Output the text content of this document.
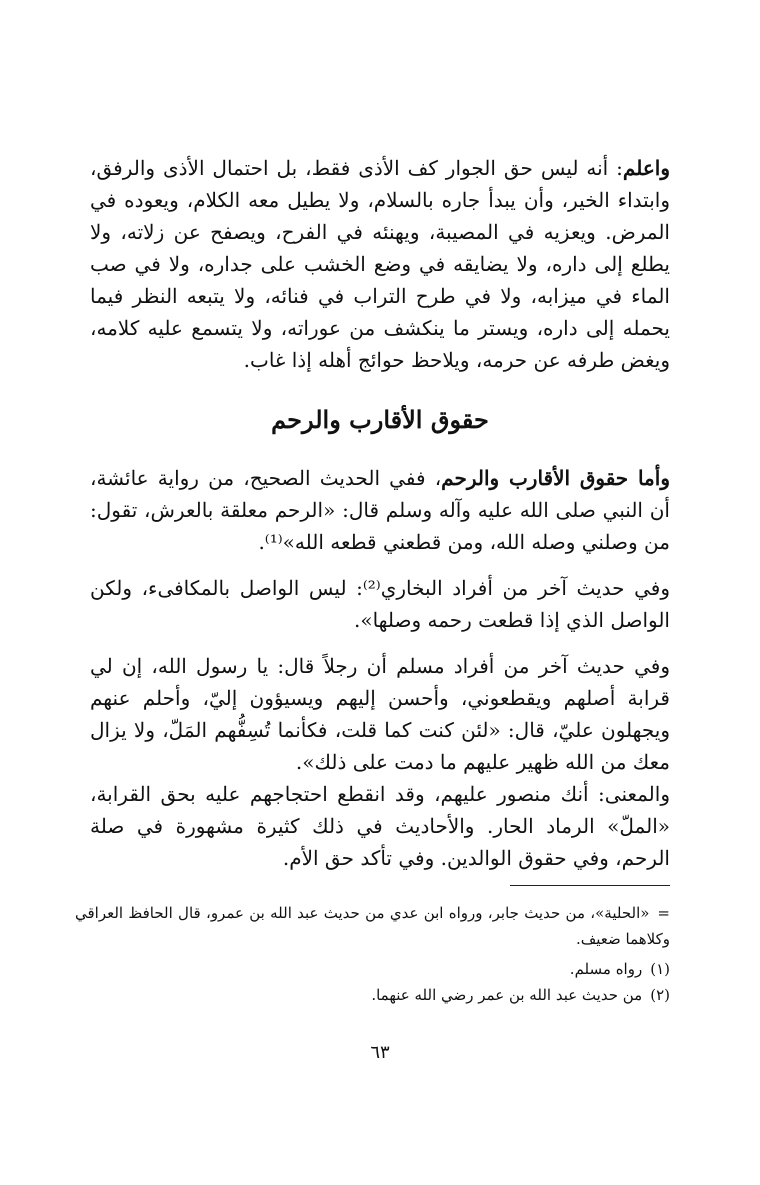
واعلم: أنه ليس حق الجوار كف الأذى فقط، بل احتمال الأذى والرفق، وابتداء الخير، وأن يبدأ جاره بالسلام، ولا يطيل معه الكلام، ويعوده في المرض. ويعزيه في المصيبة، ويهنئه في الفرح، ويصفح عن زلاته، ولا يطلع إلى داره، ولا يضايقه في وضع الخشب على جداره، ولا في صب الماء في ميزابه، ولا في طرح التراب في فنائه، ولا يتبعه النظر فيما يحمله إلى داره، ويستر ما ينكشف من عوراته، ولا يتسمع عليه كلامه، ويغض طرفه عن حرمه، ويلاحظ حوائج أهله إذا غاب.

حقوق الأقارب والرحم

وأما حقوق الأقارب والرحم، ففي الحديث الصحيح، من رواية عائشة، أن النبي صلى الله عليه وآله وسلم قال: «الرحم معلقة بالعرش، تقول: من وصلني وصله الله، ومن قطعني قطعه الله»⁽¹⁾.

وفي حديث آخر من أفراد البخاري⁽²⁾: ليس الواصل بالمكافىء، ولكن الواصل الذي إذا قطعت رحمه وصلها».

وفي حديث آخر من أفراد مسلم أن رجلاً قال: يا رسول الله، إن لي قرابة أصلهم ويقطعوني، وأحسن إليهم ويسيؤون إليّ، وأحلم عنهم ويجهلون عليّ، قال: «لئن كنت كما قلت، فكأنما تُسِفُّهم المَلّ، ولا يزال معك من الله ظهير عليهم ما دمت على ذلك».

والمعنى: أنك منصور عليهم، وقد انقطع احتجاجهم عليه بحق القرابة، «الملّ» الرماد الحار. والأحاديث في ذلك كثيرة مشهورة في صلة الرحم، وفي حقوق الوالدين. وفي تأكد حق الأم.

=«الحلية»، من حديث جابر، ورواه ابن عدي من حديث عبد الله بن عمرو، قال الحافظ العراقي وكلاهما ضعيف.

(١)رواه مسلم.

(٢)من حديث عبد الله بن عمر رضي الله عنهما.

٦٣
